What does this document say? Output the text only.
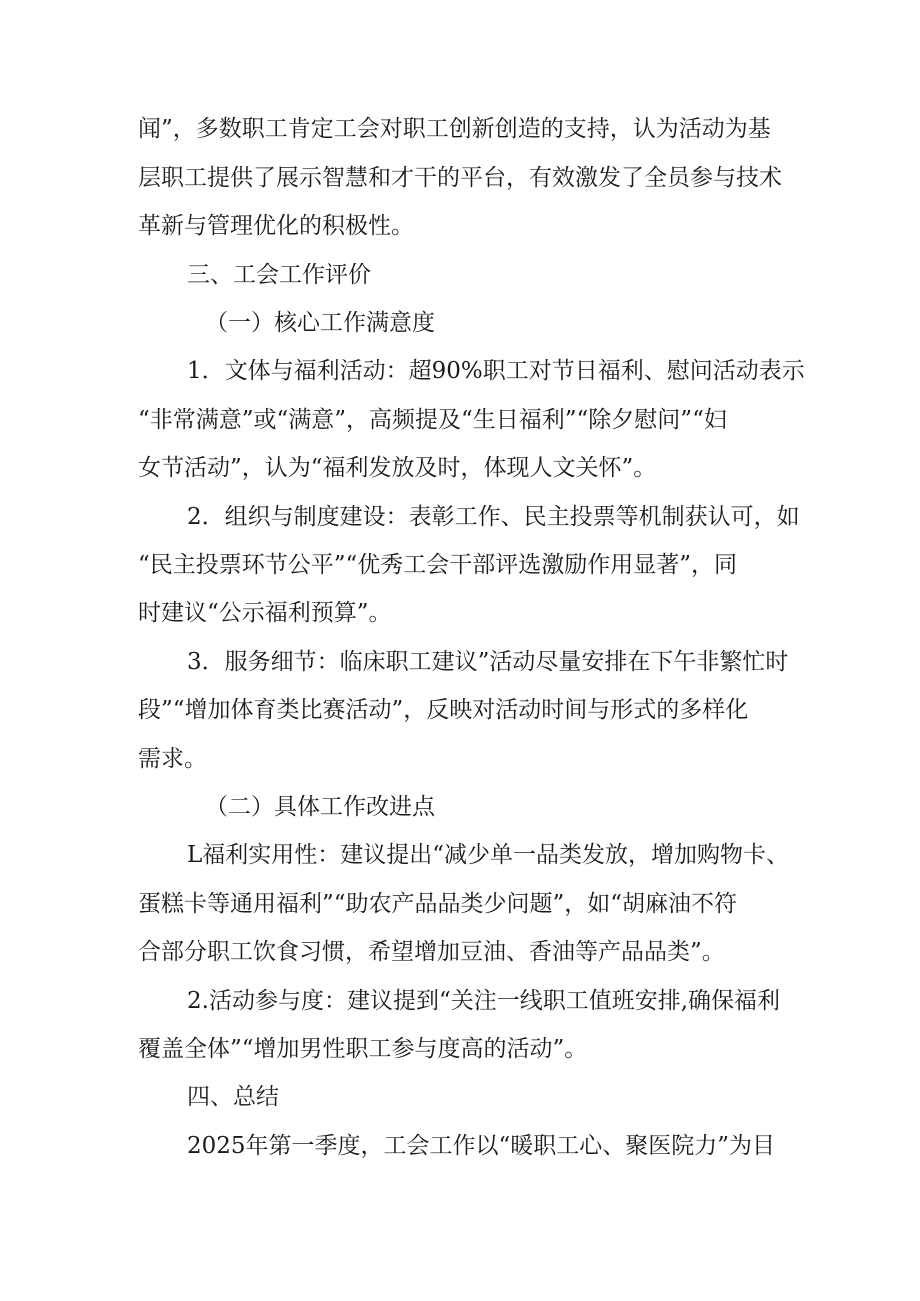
闻”，多数职工肯定工会对职工创新创造的支持，认为活动为基
层职工提供了展示智慧和才干的平台，有效激发了全员参与技术
革新与管理优化的积极性。
三、工会工作评价
（一）核心工作满意度
1．文体与福利活动：超90%职工对节日福利、慰问活动表示
“非常满意”或“满意”，高频提及“生日福利”“除夕慰问”“妇
女节活动”，认为“福利发放及时，体现人文关怀”。
2．组织与制度建设：表彰工作、民主投票等机制获认可，如
“民主投票环节公平”“优秀工会干部评选激励作用显著”，同
时建议“公示福利预算”。
3．服务细节：临床职工建议”活动尽量安排在下午非繁忙时
段”“增加体育类比赛活动”，反映对活动时间与形式的多样化
需求。
（二）具体工作改进点
L福利实用性：建议提出“减少单一品类发放，增加购物卡、
蛋糕卡等通用福利”“助农产品品类少问题”，如“胡麻油不符
合部分职工饮食习惯，希望增加豆油、香油等产品品类”。
2.活动参与度：建议提到“关注一线职工值班安排,确保福利
覆盖全体”“增加男性职工参与度高的活动”。
四、总结
2025年第一季度，工会工作以“暖职工心、聚医院力”为目
